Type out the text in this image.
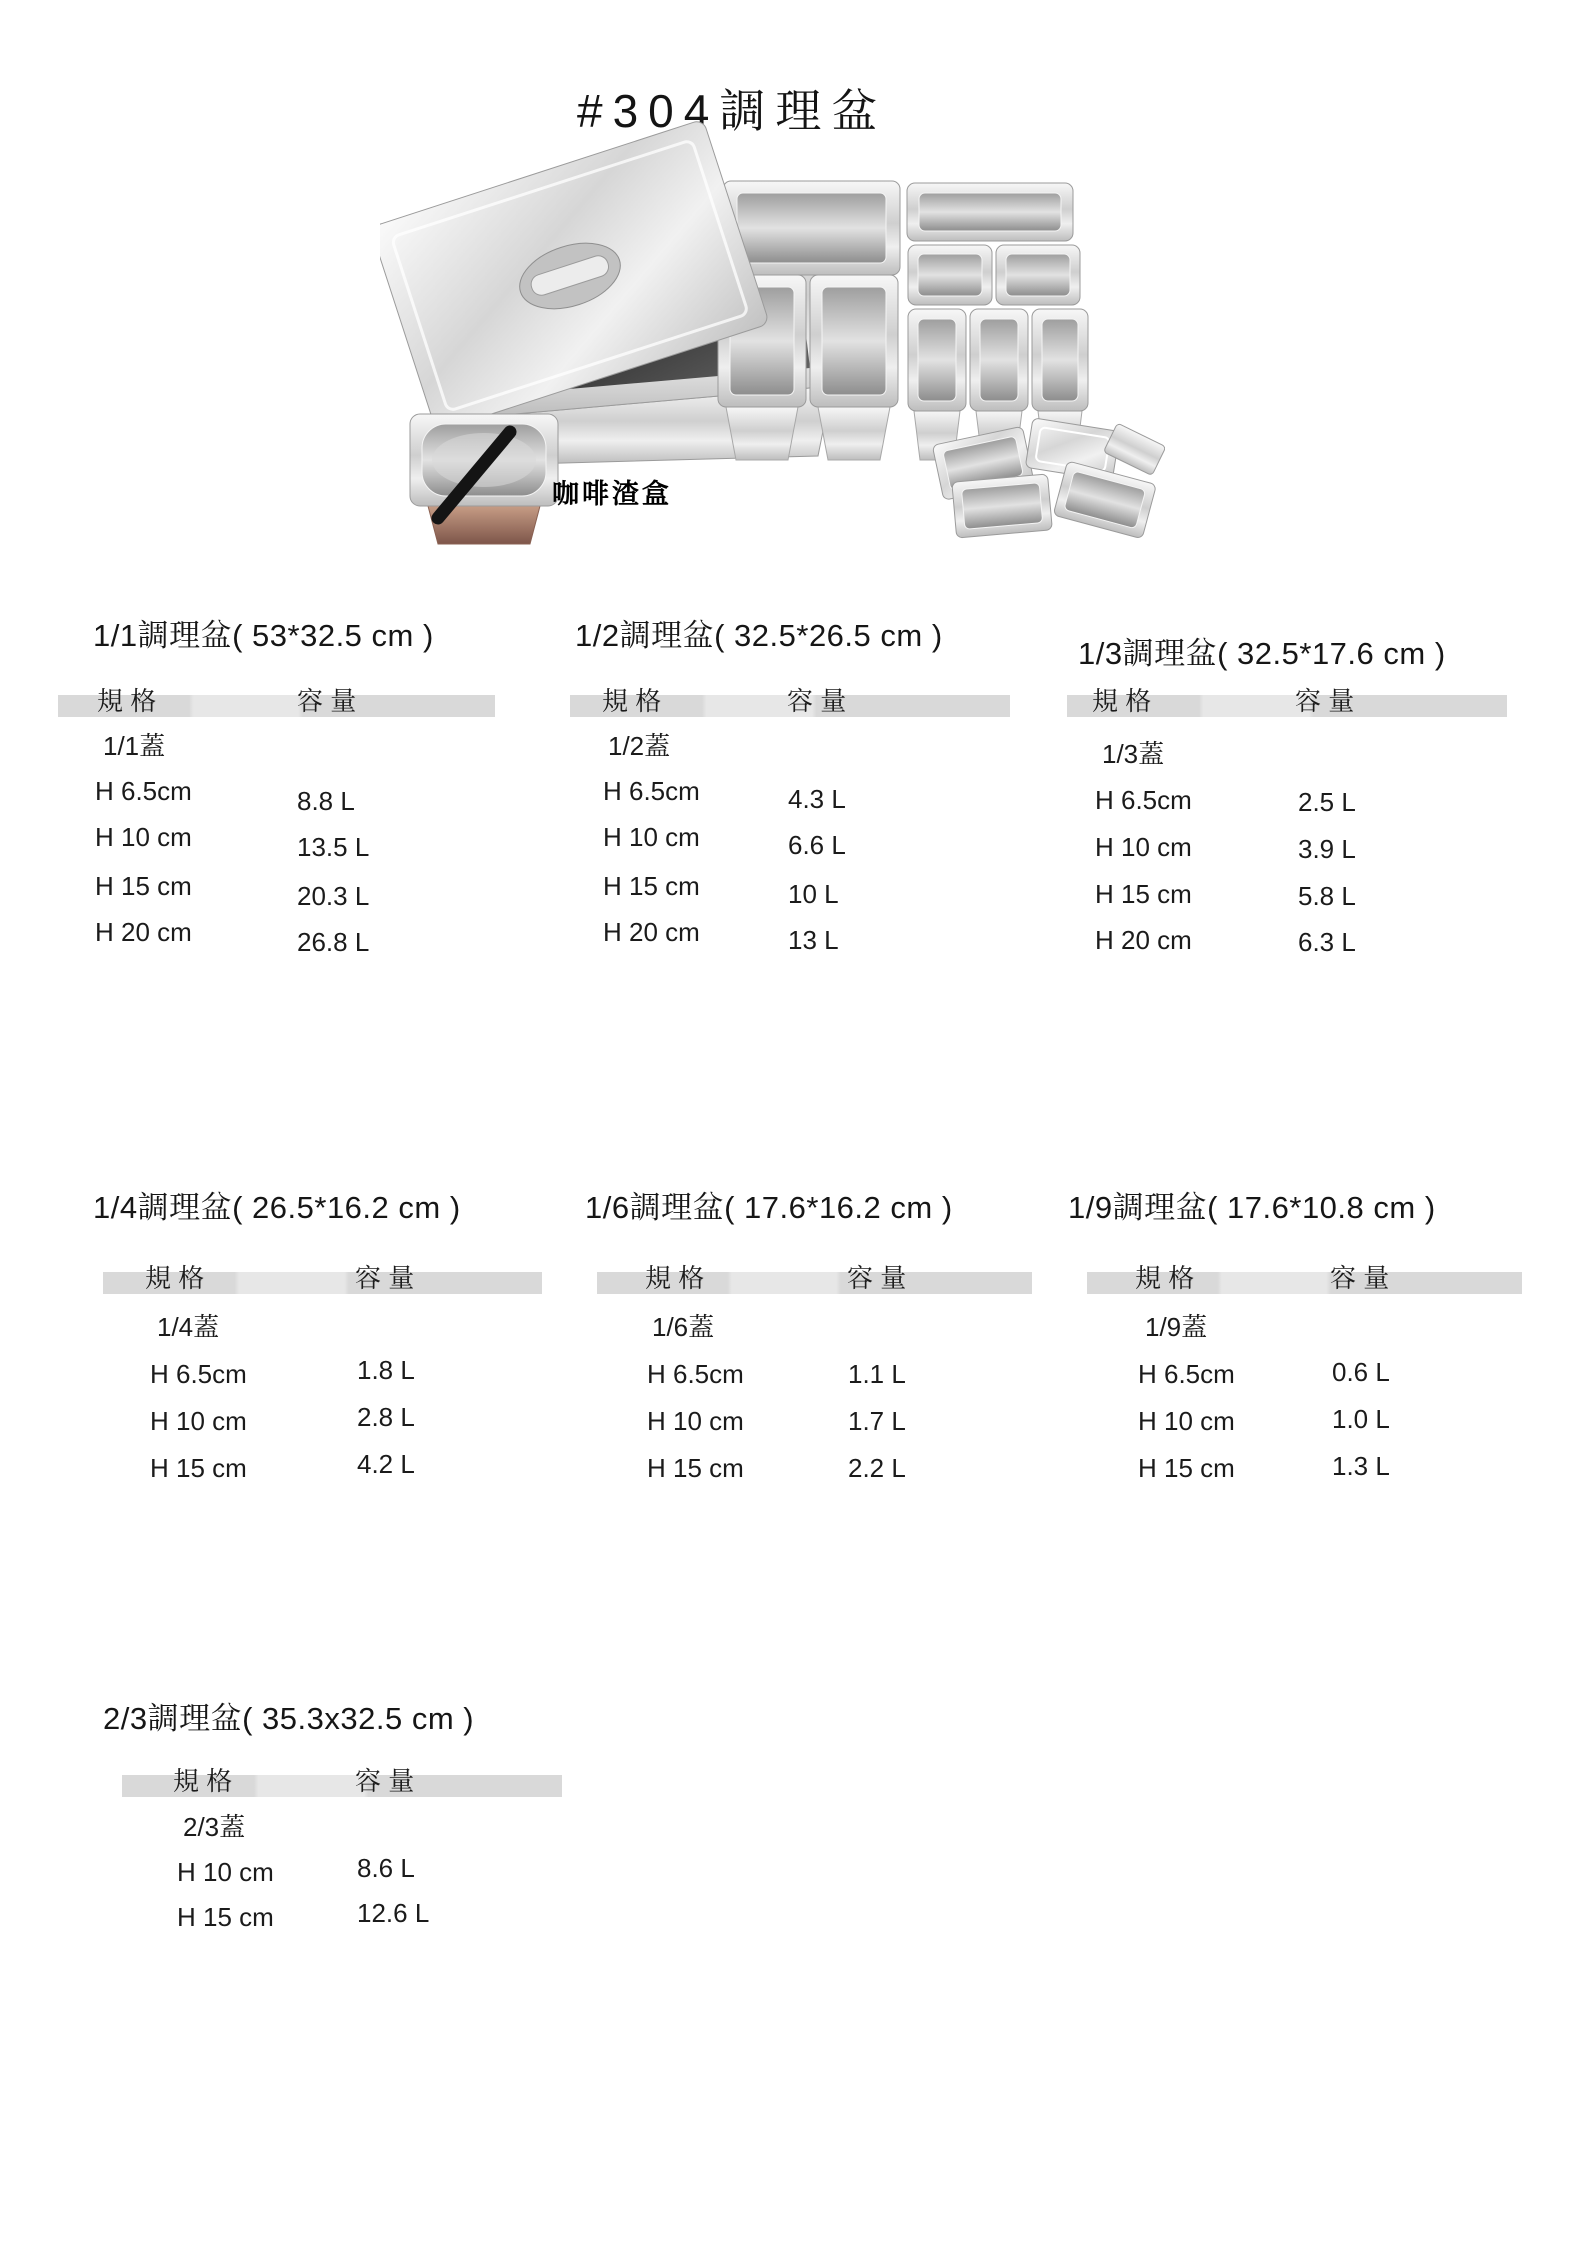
#304調理盆
咖啡渣盒
1/1調理盆( 53*32.5 cm )
規 格	容 量
1/1蓋
H 6.5cm	8.8 L
H 10 cm	13.5 L
H 15 cm	20.3 L
H 20 cm	26.8 L
1/2調理盆( 32.5*26.5 cm )
規 格	容 量
1/2蓋
H 6.5cm	4.3 L
H 10 cm	6.6 L
H 15 cm	10 L
H 20 cm	13 L
1/3調理盆( 32.5*17.6 cm )
規 格	容 量
1/3蓋
H 6.5cm	2.5 L
H 10 cm	3.9 L
H 15 cm	5.8 L
H 20 cm	6.3 L
1/4調理盆( 26.5*16.2 cm )
規 格	容 量
1/4蓋
H 6.5cm	1.8 L
H 10 cm	2.8 L
H 15 cm	4.2 L
1/6調理盆( 17.6*16.2 cm )
規 格	容 量
1/6蓋
H 6.5cm	1.1 L
H 10 cm	1.7 L
H 15 cm	2.2 L
1/9調理盆( 17.6*10.8 cm )
規 格	容 量
1/9蓋
H 6.5cm	0.6 L
H 10 cm	1.0 L
H 15 cm	1.3 L
2/3調理盆( 35.3x32.5 cm )
規 格	容 量
2/3蓋
H 10 cm	8.6 L
H 15 cm	12.6 L
